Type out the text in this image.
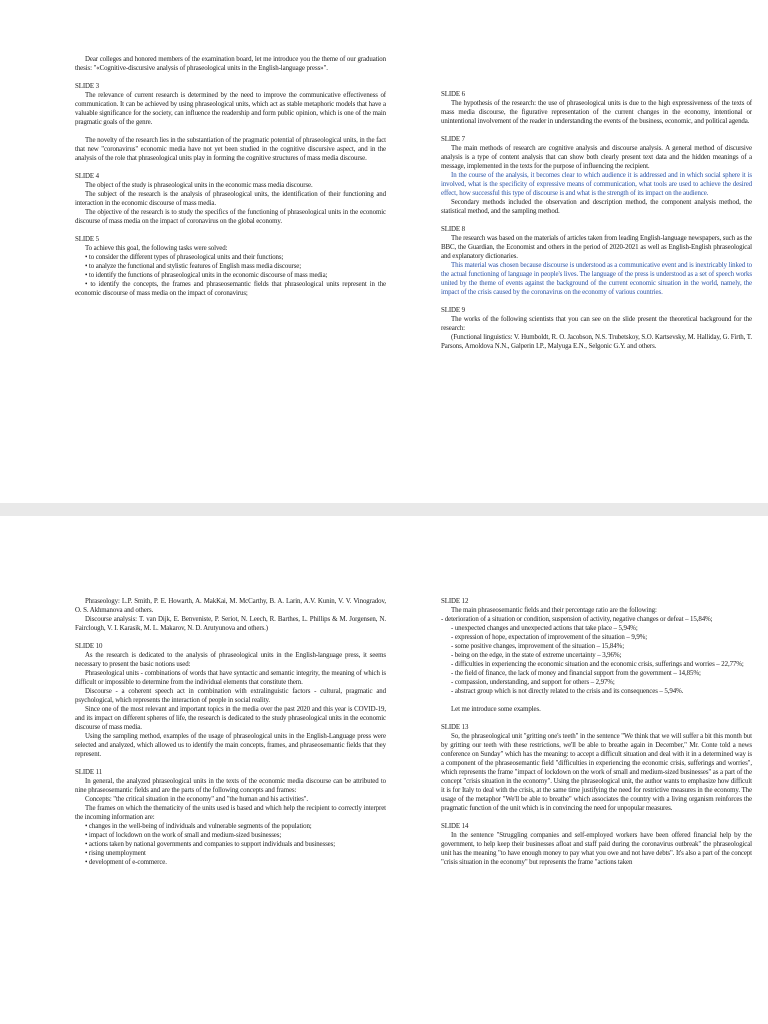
Dear colleges and honored members of the examination board, let me introduce you the theme of our graduation thesis: "«Cognitive-discursive analysis of phraseological units in the English-language press»".

SLIDE 3

The relevance of current research is determined by the need to improve the communicative effectiveness of communication. It can be achieved by using phraseological units, which act as stable metaphoric models that have a valuable significance for the society, can influence the readership and form public opinion, which is one of the main pragmatic goals of the genre.

The novelty of the research lies in the substantiation of the pragmatic potential of phraseological units, in the fact that new "coronavirus" economic media have not yet been studied in the cognitive discursive aspect, and in the analysis of the role that phraseological units play in forming the cognitive structures of mass media discourse.

SLIDE 4

The object of the study is phraseological units in the economic mass media discourse.

The subject of the research is the analysis of phraseological units, the identification of their functioning and interaction in the economic discourse of mass media.

The objective of the research is to study the specifics of the functioning of phraseological units in the economic discourse of mass media on the impact of coronavirus on the global economy.

SLIDE 5

To achieve this goal, the following tasks were solved:

• to consider the different types of phraseological units and their functions;

• to analyze the functional and stylistic features of English mass media discourse;

• to identify the functions of phraseological units in the economic discourse of mass media;

• to identify the concepts, the frames and phraseosemantic fields that phraseological units represent in the economic discourse of mass media on the impact of coronavirus;

SLIDE 6

The hypothesis of the research: the use of phraseological units is due to the high expressiveness of the texts of mass media discourse, the figurative representation of the current changes in the economy, intentional or unintentional involvement of the reader in understanding the events of the business, economic, and political agenda.

SLIDE 7

The main methods of research are cognitive analysis and discourse analysis. A general method of discursive analysis is a type of content analysis that can show both clearly present text data and the hidden meanings of a message, implemented in the texts for the purpose of influencing the recipient.

In the course of the analysis, it becomes clear to which audience it is addressed and in which social sphere it is involved, what is the specificity of expressive means of communication, what tools are used to achieve the desired effect, how successful this type of discourse is and what is the strength of its impact on the audience.

Secondary methods included the observation and description method, the component analysis method, the statistical method, and the sampling method.

SLIDE 8

The research was based on the materials of articles taken from leading English-language newspapers, such as the BBC, the Guardian, the Economist and others in the period of 2020-2021 as well as English-English phraseological and explanatory dictionaries.

This material was chosen because discourse is understood as a communicative event and is inextricably linked to the actual functioning of language in people's lives. The language of the press is understood as a set of speech works united by the theme of events against the background of the current economic situation in the world, namely, the impact of the crisis caused by the coronavirus on the economy of various countries.

SLIDE 9

The works of the following scientists that you can see on the slide present the theoretical background for the research:

(Functional linguistics: V. Humboldt, R. O. Jacobson, N.S. Trubetskoy, S.O. Kartsevsky, M. Halliday, G. Firth, T. Parsons, Arnoldova N.N., Galperin I.P., Malyuga E.N., Selgonic G.Y. and others.

Phraseology: L.P. Smith, P. E. Howarth, A. MakKai, M. McCarthy, B. A. Larin, A.V. Kunin, V. V. Vinogradov, O. S. Akhmanova and others.

Discourse analysis: T. van Dijk, E. Benveniste, P. Seriot, N. Leech, R. Barthes, L. Phillips & M. Jorgensen, N. Fairclough, V. I. Karasik, M. L. Makarov, N. D. Arutyunova and others.)

SLIDE 10

As the research is dedicated to the analysis of phraseological units in the English-language press, it seems necessary to present the basic notions used:

Phraseological units - combinations of words that have syntactic and semantic integrity, the meaning of which is difficult or impossible to determine from the individual elements that constitute them.

Discourse - a coherent speech act in combination with extralinguistic factors - cultural, pragmatic and psychological, which represents the interaction of people in social reality.

Since one of the most relevant and important topics in the media over the past 2020 and this year is COVID-19, and its impact on different spheres of life, the research is dedicated to the study phraseological units in the economic discourse of mass media.

Using the sampling method, examples of the usage of phraseological units in the English-Language press were selected and analyzed, which allowed us to identify the main concepts, frames, and phraseosemantic fields that they represent.

SLIDE 11

In general, the analyzed phraseological units in the texts of the economic media discourse can be attributed to nine phraseosemantic fields and are the parts of the following concepts and frames:

Concepts: "the critical situation in the economy" and "the human and his activities".

The frames on which the thematicity of the units used is based and which help the recipient to correctly interpret the incoming information are:

• changes in the well-being of individuals and vulnerable segments of the population;

• impact of lockdown on the work of small and medium-sized businesses;

• actions taken by national governments and companies to support individuals and businesses;

• rising unemployment

• development of e-commerce.

SLIDE 12

The main phraseosemantic fields and their percentage ratio are the following:

- deterioration of a situation or condition, suspension of activity, negative changes or defeat – 15,84%;

- unexpected changes and unexpected actions that take place – 5,94%;

- expression of hope, expectation of improvement of the situation – 9,9%;

- some positive changes, improvement of the situation – 15,84%;

- being on the edge, in the state of extreme uncertainty – 3,96%;

- difficulties in experiencing the economic situation and the economic crisis, sufferings and worries – 22,77%;

- the field of finance, the lack of money and financial support from the government – 14,85%;

- compassion, understanding, and support for others – 2,97%;

- abstract group which is not directly related to the crisis and its consequences – 5,94%.

Let me introduce some examples.

SLIDE 13

So, the phraseological unit "gritting one's teeth" in the sentence "We think that we will suffer a bit this month but by gritting our teeth with these restrictions, we'll be able to breathe again in December," Mr. Conte told a news conference on Sunday" which has the meaning: to accept a difficult situation and deal with it in a determined way is a component of the phraseosemantic field "difficulties in experiencing the economic crisis, sufferings and worries", which represents the frame "impact of lockdown on the work of small and medium-sized businesses" as a part of the concept "crisis situation in the economy". Using the phraseological unit, the author wants to emphasize how difficult it is for Italy to deal with the crisis, at the same time justifying the need for restrictive measures in the economy. The usage of the metaphor "We'll be able to breathe" which associates the country with a living organism reinforces the pragmatic function of the unit which is in convincing the need for unpopular measures.

SLIDE 14

In the sentence "Struggling companies and self-employed workers have been offered financial help by the government, to help keep their businesses afloat and staff paid during the coronavirus outbreak" the phraseological unit has the meaning "to have enough money to pay what you owe and not have debts". It's also a part of the concept "crisis situation in the economy" but represents the frame "actions taken
